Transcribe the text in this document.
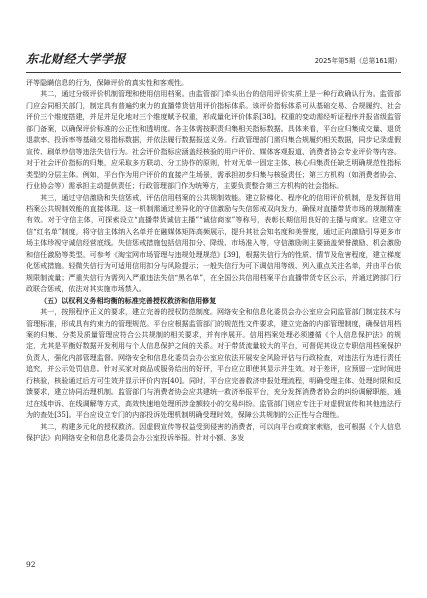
东北财经大学学报	2025年第5期（总第161期）

评等隐瞒信息的行为，保障评价的真实性和客观性。

其二，通过分级评价机制管理和使用信用档案。由监管部门牵头出台的信用评价实质上是一种行政确认行为。监管部门应会同相关部门，制定具有普遍约束力的直播带货信用评价指标体系。该评价指标体系可从基础交易、合规履约、社会评价三个维度搭建，并足并足化地对三个维度赋予权重，形成量化评价体系[38]。权重的变动需经听证程序并报省级监管部门备案，以确保评价标准的公正性和透明度。各主体需按职责归集相关指标数据。具体来看，平台应归集成交量、退货退款率、投诉率等基础交易指标数据，并依法履行数据报送义务。行政管理部门需归集合规履约相关数据，同步记录虚假宣传、刷单炒信等违法失信行为。社会评价指标应涵盖经核验的用户评价、媒体客观报道、消费者协会专业评价等内容。对于社会评价指标的归集，应采取多方联动、分工协作的原则，针对无单一固定主体、核心归集责任缺乏明确规范性指标类型的分层主体。例如，平台作为用户评价的直接产生场景，需承担初步归集与核验责任；第三方机构（如消费者协会、行业协会等）需承担主动提供责任；行政管理部门作为统筹方，主要负责整合第三方机构的社会指标。

其三，通过守信激励和失信惩戒，评估信用档案的公共规制效能。建立阶梯化、程序化的信用评价机制，是发挥信用档案公共规制效能的直接体现。这一机制需通过差异化的守信激励与失信惩戒双向发力，确保对直播带货市场的规制精准有效。对于守信主体，可探索设立“直播带货诚信主播”“诚信商家”等称号，表彰长期信用良好的主播与商家。应建立守信“红名单”制度，将守信主体纳入名单并在融媒体矩阵高频展示，提升其社会知名度和美誉度，通过正向激励引导更多市场主体珍视守诚信经营底线。失信惩戒措施包括信用扣分、降级、市场准入等，守信激励则主要涵盖荣誉激励、机会激励和信任激励等类型。可参考《淘宝网市场管理与违规处理规范》[39]，根据失信行为的性质、情节及危害程度，建立梯度化惩戒措施。轻微失信行为可适用信用扣分与风险提示；一般失信行为可下调信用等级、列入重点关注名单，并由平台依规限制流量；严重失信行为需列入严重违法失信“黑名单”，在全国公共信用档案平台直播带货专区公示，并通过跨部门行政联合惩戒，依法对其实施市场禁入。

（五）以权利义务相均衡的标准完善授权救济和信用修复

其一，按照程序正义的要求，建立完善的授权防范制度。网络安全和信息化委员会办公室应会同监管部门制定技术与管理标准，形成具有约束力的管理规范。平台应根据监管部门的规范性文件要求，建立完备的内部管理制度，确保信用档案的归集、分类及质量管理应符合公共规制的相关要求，并有序展开。信用档案处理必须遵循《个人信息保护法》的规定，尤其是平衡好数据开发利用与个人信息保护之间的关系。对于带货流量较大的平台，可督促其设立专职信用档案保护负责人，强化内部管理监督。网络安全和信息化委员会办公室应依法开展安全风险评估与行政检查，对违法行为进行责任追究，并公示处罚信息。针对买家对商品或服务给出的好评，平台应立即使其显示并生效。对于差评，应预留一定时间进行核验，核验通过后方可生效并显示评价内容[40]。同时，平台应完善救济申报处理流程，明确受理主体、处理时限和反馈要求，建立协同治理机制。监管部门与消费者协会应共建统一救济举报平台，充分发挥消费者协会的纠纷调解职能，通过在线申诉、在线调解等方式，高效快速地处理所涉金额较小的交易纠纷。监管部门则应专注于对虚假宣传和其他违法行为的查处[35]。平台应设立专门的内部投诉处理机制明确受理时效，保障公共规制的公正性与合理性。

其二，构建多元化的授权救济。因虚假宣传等权益受到侵害的消费者，可以向平台或商家索赔，也可根据《个人信息保护法》向网络安全和信息化委员会办公室投诉举报。针对小额、多发

92
